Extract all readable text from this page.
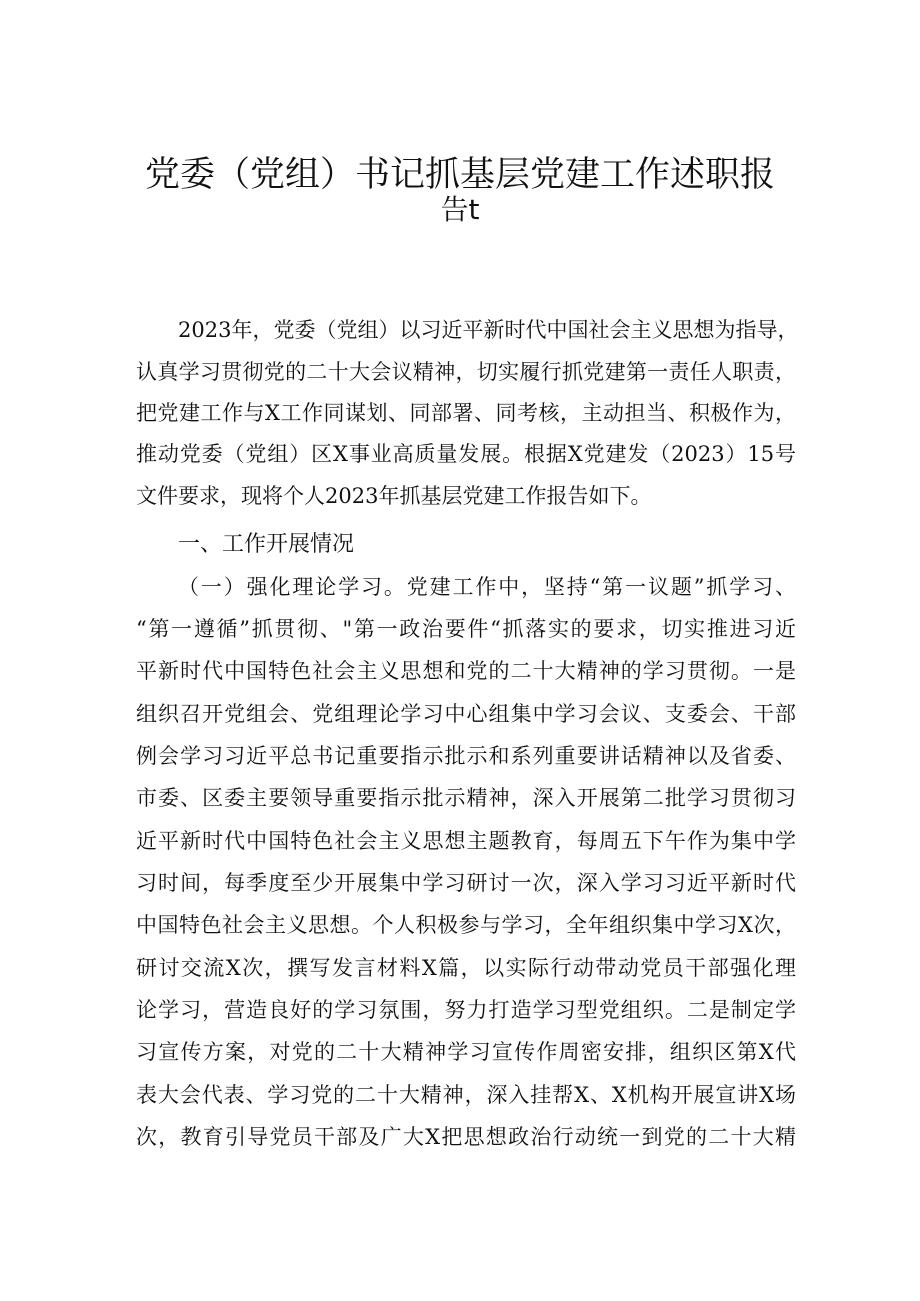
党委（党组）书记抓基层党建工作述职报
告t
2023年，党委（党组）以习近平新时代中国社会主义思想为指导，
认真学习贯彻党的二十大会议精神，切实履行抓党建第一责任人职责，
把党建工作与X工作同谋划、同部署、同考核，主动担当、积极作为，
推动党委（党组）区X事业高质量发展。根据X党建发（2023）15号
文件要求，现将个人2023年抓基层党建工作报告如下。
一、工作开展情况
（一）强化理论学习。党建工作中，坚持“第一议题”抓学习、
“第一遵循”抓贯彻、"第一政治要件“抓落实的要求，切实推进习近
平新时代中国特色社会主义思想和党的二十大精神的学习贯彻。一是
组织召开党组会、党组理论学习中心组集中学习会议、支委会、干部
例会学习习近平总书记重要指示批示和系列重要讲话精神以及省委、
市委、区委主要领导重要指示批示精神，深入开展第二批学习贯彻习
近平新时代中国特色社会主义思想主题教育，每周五下午作为集中学
习时间，每季度至少开展集中学习研讨一次，深入学习习近平新时代
中国特色社会主义思想。个人积极参与学习，全年组织集中学习X次，
研讨交流X次，撰写发言材料X篇，以实际行动带动党员干部强化理
论学习，营造良好的学习氛围，努力打造学习型党组织。二是制定学
习宣传方案，对党的二十大精神学习宣传作周密安排，组织区第X代
表大会代表、学习党的二十大精神，深入挂帮X、X机构开展宣讲X场
次，教育引导党员干部及广大X把思想政治行动统一到党的二十大精
